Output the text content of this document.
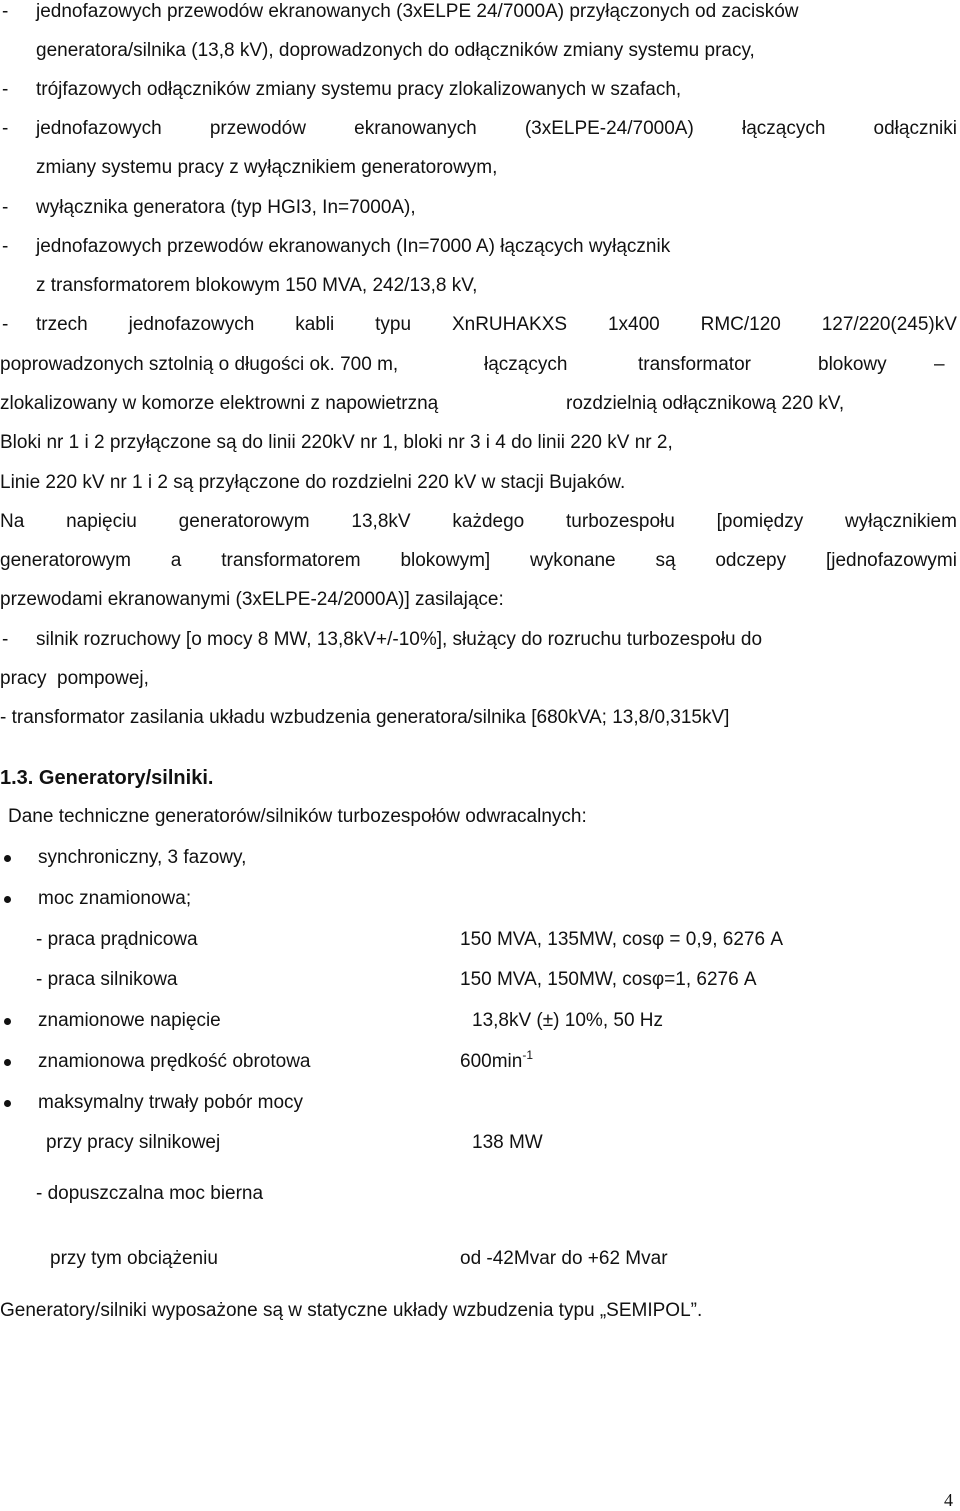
- jednofazowych przewodów ekranowanych (3xELPE 24/7000A) przyłączonych od zacisków
generatora/silnika (13,8 kV), doprowadzonych do odłączników zmiany systemu pracy,
- trójfazowych odłączników zmiany systemu pracy zlokalizowanych w szafach,
- jednofazowych	przewodów	ekranowanych	(3xELPE-24/7000A)	łączących	odłączniki
zmiany systemu pracy z wyłącznikiem generatorowym,
- wyłącznika generatora (typ HGI3, In=7000A),
- jednofazowych przewodów ekranowanych (In=7000 A) łączących wyłącznik
z transformatorem blokowym 150 MVA, 242/13,8 kV,
- trzech jednofazowych kabli typu XnRUHAKXS 1x400 RMC/120 127/220(245)kV
poprowadzonych sztolnią o długości ok. 700 m,	łączących	transformator	blokowy –
zlokalizowany w komorze elektrowni z napowietrzną	rozdzielnią odłącznikową 220 kV,
Bloki nr 1 i 2 przyłączone są do linii 220kV nr 1, bloki nr 3 i 4 do linii 220 kV nr 2,
Linie 220 kV nr 1 i 2 są przyłączone do rozdzielni 220 kV w stacji Bujaków.
Na napięciu generatorowym 13,8kV każdego turbozespołu [pomiędzy wyłącznikiem
generatorowym a transformatorem blokowym] wykonane są odczepy [jednofazowymi
przewodami ekranowanymi (3xELPE-24/2000A)] zasilające:
- silnik rozruchowy [o mocy 8 MW, 13,8kV+/-10%], służący do rozruchu turbozespołu do
pracy  pompowej,
- transformator zasilania układu wzbudzenia generatora/silnika [680kVA; 13,8/0,315kV]
1.3. Generatory/silniki.
Dane techniczne generatorów/silników turbozespołów odwracalnych:
synchroniczny, 3 fazowy,
moc znamionowa;
- praca prądnicowa	150 MVA, 135MW, cosφ = 0,9, 6276 A
- praca silnikowa	150 MVA, 150MW, cosφ=1, 6276 A
znamionowe napięcie	13,8kV (±) 10%, 50 Hz
znamionowa prędkość obrotowa	$600\min^{-1}$
maksymalny trwały pobór mocy
przy pracy silnikowej	138 MW
- dopuszczalna moc bierna
przy tym obciążeniu	od -42Mvar do +62 Mvar
Generatory/silniki wyposażone są w statyczne układy wzbudzenia typu „SEMIPOL”.
4
